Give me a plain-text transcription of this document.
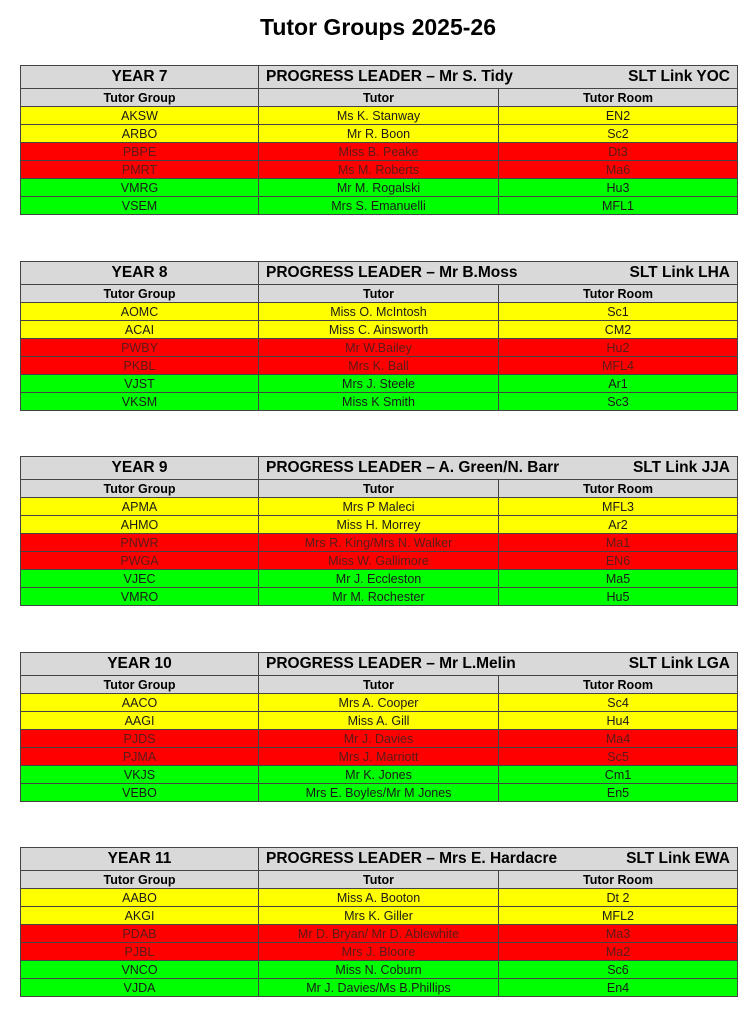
Tutor Groups 2025-26
YEAR 7	PROGRESS LEADER – Mr S. Tidy SLT Link YOC	

Tutor Group	Tutor	Tutor Room
AKSW	Ms K. Stanway	EN2
ARBO	Mr R. Boon	Sc2
PBPE	Miss B. Peake	Dt3
PMRT	Ms M. Roberts	Ma6
VMRG	Mr M. Rogalski	Hu3
VSEM	Mrs S. Emanuelli	MFL1
YEAR 8	PROGRESS LEADER – Mr B.Moss SLT Link LHA	

Tutor Group	Tutor	Tutor Room
AOMC	Miss O. McIntosh	Sc1
ACAI	Miss C. Ainsworth	CM2
PWBY	Mr W.Bailey	Hu2
PKBL	Mrs K. Ball	MFL4
VJST	Mrs J. Steele	Ar1
VKSM	Miss K Smith	Sc3
YEAR 9	PROGRESS LEADER – A. Green/N. Barr SLT Link JJA	

Tutor Group	Tutor	Tutor Room
APMA	Mrs P Maleci	MFL3
AHMO	Miss H. Morrey	Ar2
PNWR	Mrs R. King/Mrs N. Walker	Ma1
PWGA	Miss W. Gallimore	EN6
VJEC	Mr J. Eccleston	Ma5
VMRO	Mr M. Rochester	Hu5
YEAR 10	PROGRESS LEADER – Mr L.Melin SLT Link LGA	

Tutor Group	Tutor	Tutor Room
AACO	Mrs A. Cooper	Sc4
AAGI	Miss A. Gill	Hu4
PJDS	Mr J. Davies	Ma4
PJMA	Mrs J. Marriott	Sc5
VKJS	Mr K. Jones	Cm1
VEBO	Mrs E. Boyles/Mr M Jones	En5
YEAR 11	PROGRESS LEADER – Mrs E. Hardacre SLT Link EWA	

Tutor Group	Tutor	Tutor Room
AABO	Miss A. Booton	Dt 2
AKGI	Mrs K. Giller	MFL2
PDAB	Mr D. Bryan/ Mr D. Ablewhite	Ma3
PJBL	Mrs J. Bloore	Ma2
VNCO	Miss N. Coburn	Sc6
VJDA	Mr J. Davies/Ms B.Phillips	En4
